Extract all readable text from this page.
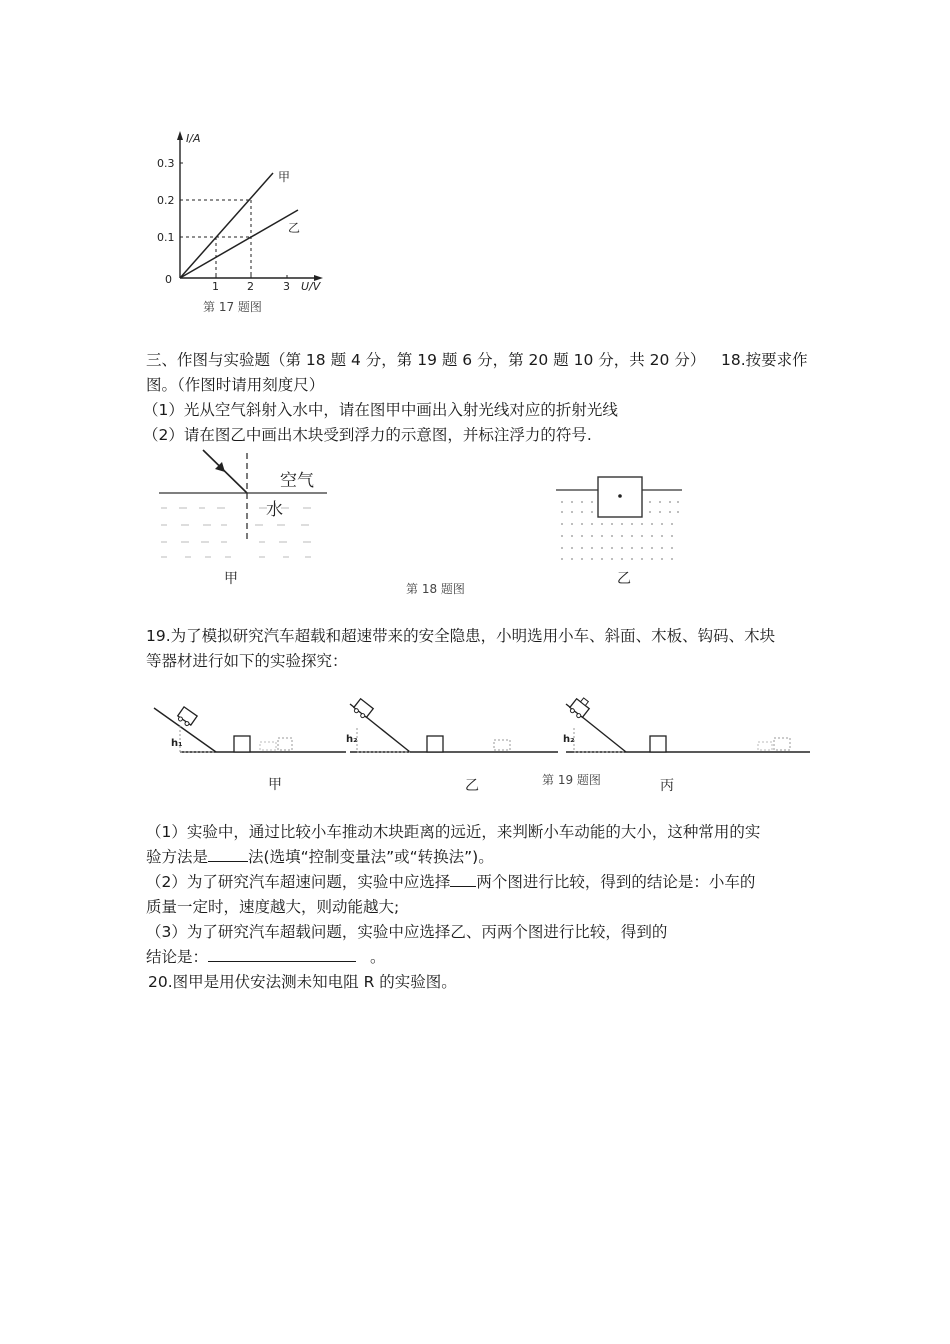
I/A
U/V
0
0.1
0.2
0.3
1	2	3
甲
乙
第 17 题图
三、作图与实验题（第 18 题 4 分，第 19 题 6 分，第 20 题 10 分，共 20 分） 18.按要求作
图。（作图时请用刻度尺）
（1）光从空气斜射入水中，请在图甲中画出入射光线对应的折射光线
（2）请在图乙中画出木块受到浮力的示意图，并标注浮力的符号.
空气
水
甲
第 18 题图
乙
19.为了模拟研究汽车超载和超速带来的安全隐患，小明选用小车、斜面、木板、钩码、木块
等器材进行如下的实验探究：
h₁	h₂	h₂
甲	乙	第 19 题图	丙
（1）实验中，通过比较小车推动木块距离的远近，来判断小车动能的大小，这种常用的实
验方法是	法(选填“控制变量法”或“转换法”)。
（2）为了研究汽车超速问题，实验中应选择 两个图进行比较，得到的结论是：小车的
质量一定时，速度越大，则动能越大;
（3）为了研究汽车超载问题，实验中应选择乙、丙两个图进行比较，得到的
结论是：	。
20.图甲是用伏安法测未知电阻 R 的实验图。
